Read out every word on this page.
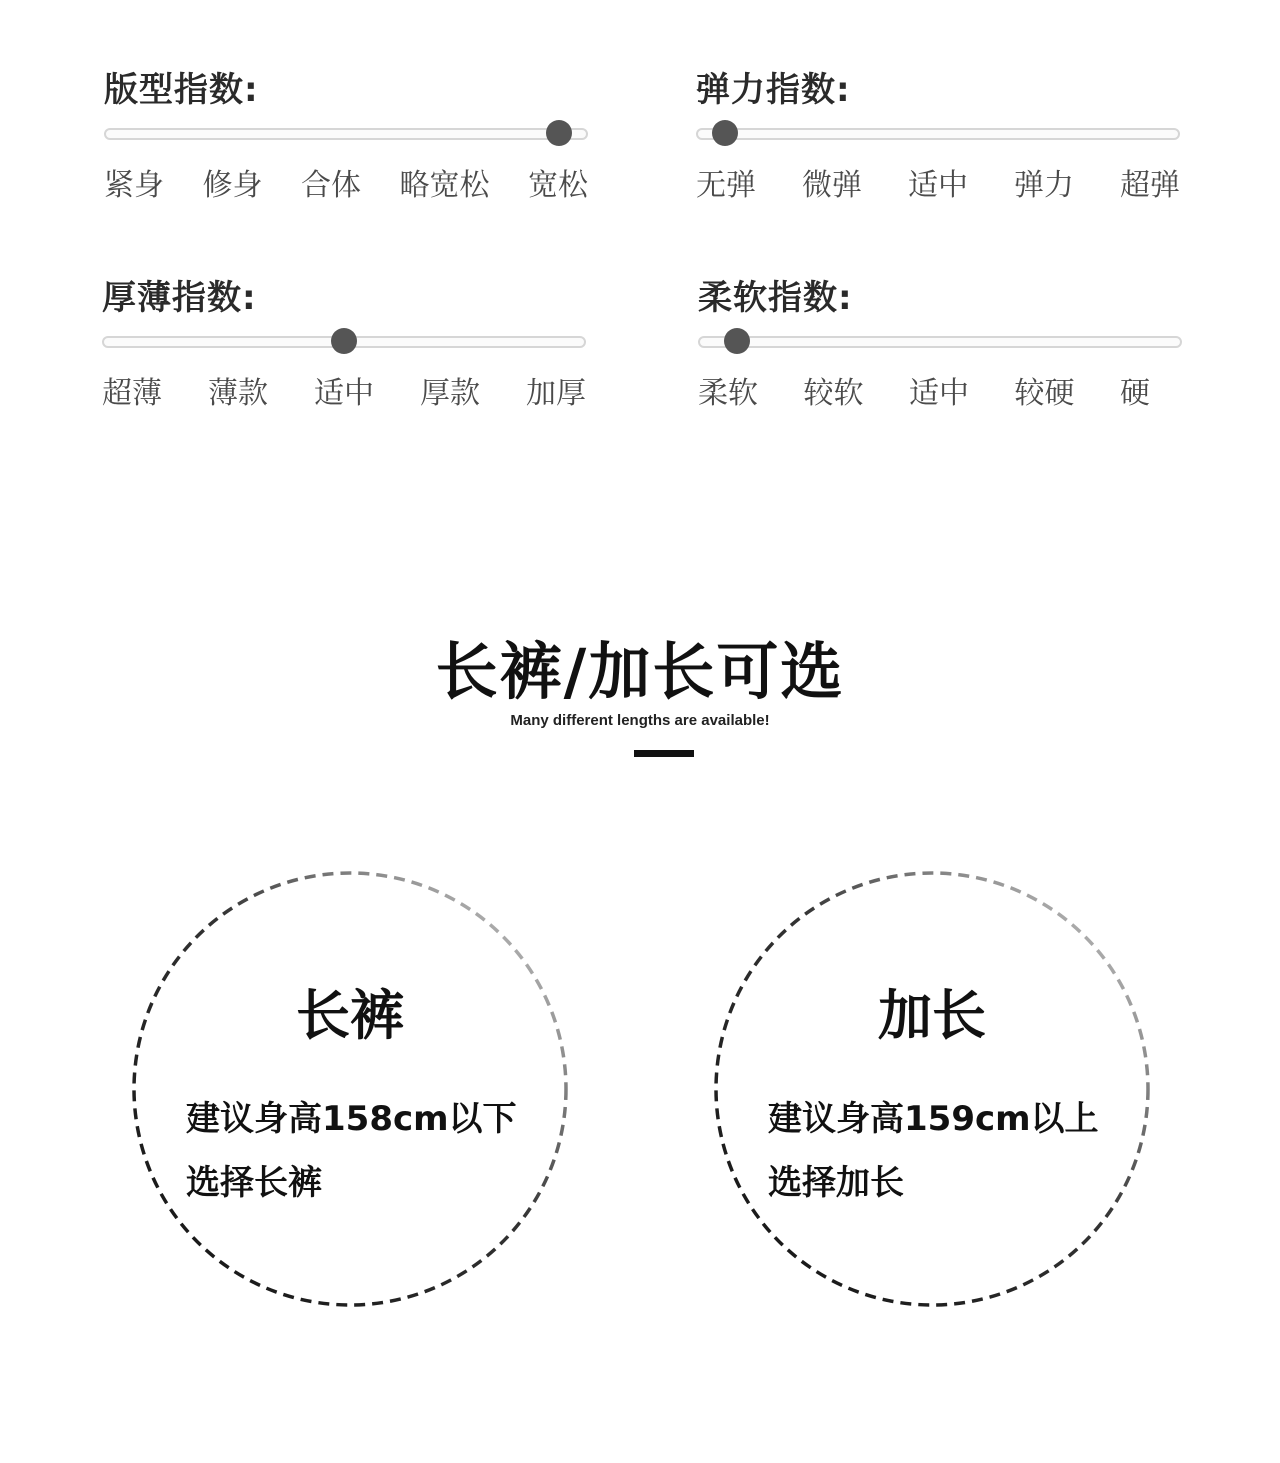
版型指数:
紧身 修身 合体 略宽松 宽松
弹力指数:
无弹 微弹 适中 弹力 超弹
厚薄指数:
超薄 薄款 适中 厚款 加厚
柔软指数:
柔软 较软 适中 较硬 硬
长裤/加长可选
Many different lengths are available!
长裤
建议身高158cm以下
选择长裤
加长
建议身高159cm以上
选择加长
